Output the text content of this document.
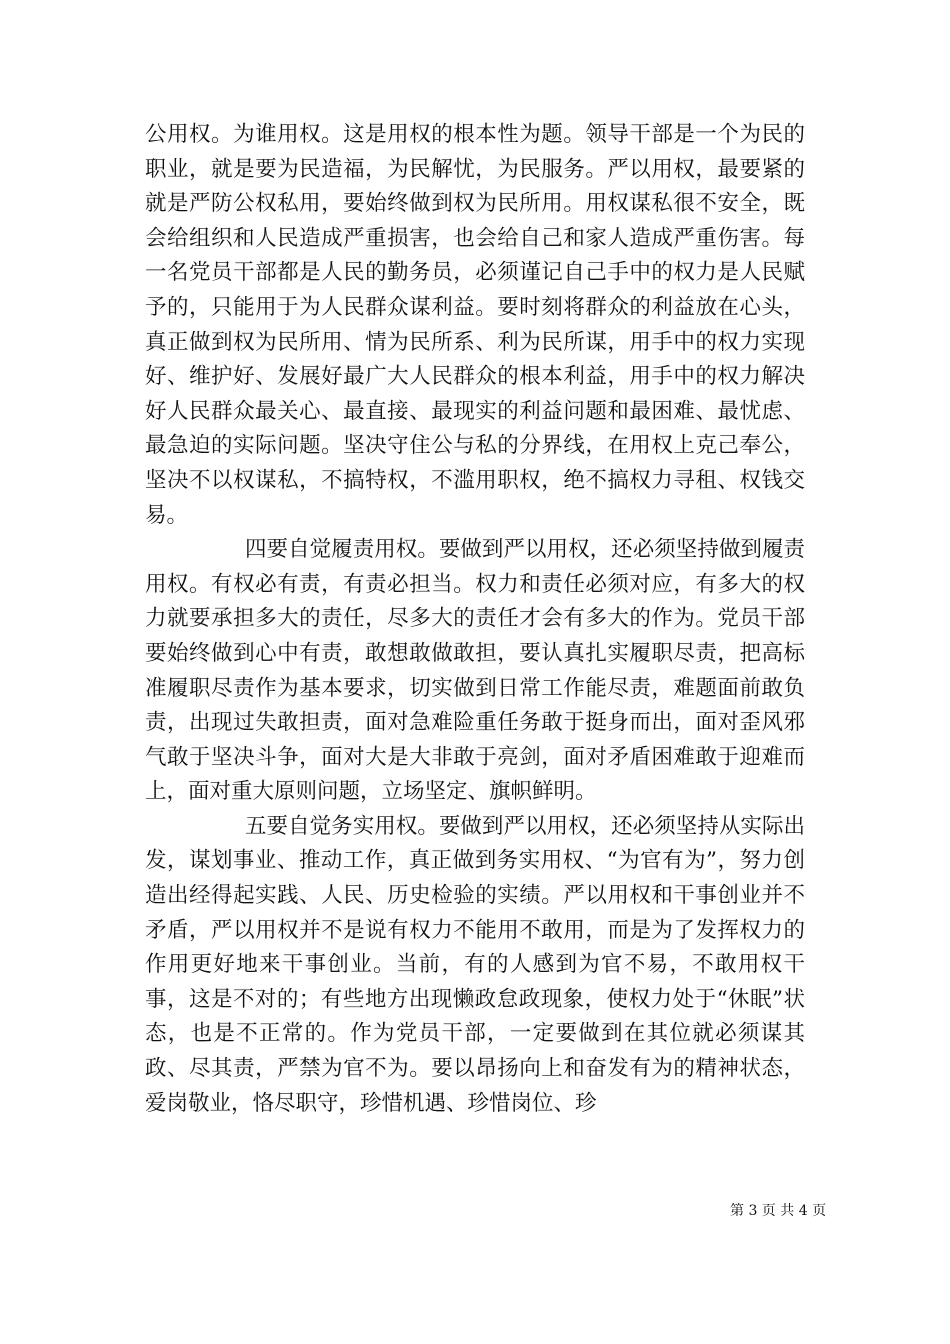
公用权。为谁用权。这是用权的根本性为题。领导干部是一个为民的职业，就是要为民造福，为民解忧，为民服务。严以用权，最要紧的就是严防公权私用，要始终做到权为民所用。用权谋私很不安全，既会给组织和人民造成严重损害，也会给自己和家人造成严重伤害。每一名党员干部都是人民的勤务员，必须谨记自己手中的权力是人民赋予的，只能用于为人民群众谋利益。要时刻将群众的利益放在心头，真正做到权为民所用、情为民所系、利为民所谋，用手中的权力实现好、维护好、发展好最广大人民群众的根本利益，用手中的权力解决好人民群众最关心、最直接、最现实的利益问题和最困难、最忧虑、最急迫的实际问题。坚决守住公与私的分界线，在用权上克己奉公，坚决不以权谋私，不搞特权，不滥用职权，绝不搞权力寻租、权钱交易。

四要自觉履责用权。要做到严以用权，还必须坚持做到履责用权。有权必有责，有责必担当。权力和责任必须对应，有多大的权力就要承担多大的责任，尽多大的责任才会有多大的作为。党员干部要始终做到心中有责，敢想敢做敢担，要认真扎实履职尽责，把高标准履职尽责作为基本要求，切实做到日常工作能尽责，难题面前敢负责，出现过失敢担责，面对急难险重任务敢于挺身而出，面对歪风邪气敢于坚决斗争，面对大是大非敢于亮剑，面对矛盾困难敢于迎难而上，面对重大原则问题，立场坚定、旗帜鲜明。

五要自觉务实用权。要做到严以用权，还必须坚持从实际出发，谋划事业、推动工作，真正做到务实用权、“为官有为”，努力创造出经得起实践、人民、历史检验的实绩。严以用权和干事创业并不矛盾，严以用权并不是说有权力不能用不敢用，而是为了发挥权力的作用更好地来干事创业。当前，有的人感到为官不易，不敢用权干事，这是不对的；有些地方出现懒政怠政现象，使权力处于“休眠”状态，也是不正常的。作为党员干部，一定要做到在其位就必须谋其政、尽其责，严禁为官不为。要以昂扬向上和奋发有为的精神状态，爱岗敬业，恪尽职守，珍惜机遇、珍惜岗位、珍

第 3 页 共 4 页
